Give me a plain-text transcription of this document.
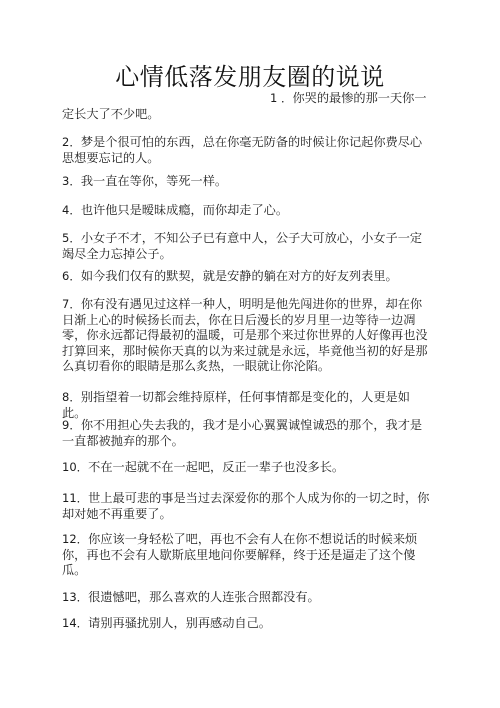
心情低落发朋友圈的说说

1 ．你哭的最惨的那一天你一定长大了不少吧。

2．梦是个很可怕的东西，总在你毫无防备的时候让你记起你费尽心思想要忘记的人。

3．我一直在等你，等死一样。

4．也许他只是暧昧成瘾，而你却走了心。

5．小女子不才，不知公子已有意中人，公子大可放心，小女子一定竭尽全力忘掉公子。

6．如今我们仅有的默契，就是安静的躺在对方的好友列表里。

7．你有没有遇见过这样一种人，明明是他先闯进你的世界，却在你日渐上心的时候扬长而去，你在日后漫长的岁月里一边等待一边凋零，你永远都记得最初的温暖，可是那个来过你世界的人好像再也没打算回来，那时候你天真的以为来过就是永远，毕竟他当初的好是那么真切看你的眼睛是那么炙热，一眼就让你沦陷。

8．别指望着一切都会维持原样，任何事情都是变化的，人更是如此。

9．你不用担心失去我的，我才是小心翼翼诚惶诚恐的那个，我才是一直都被抛弃的那个。

10．不在一起就不在一起吧，反正一辈子也没多长。

11．世上最可悲的事是当过去深爱你的那个人成为你的一切之时，你却对她不再重要了。

12．你应该一身轻松了吧，再也不会有人在你不想说话的时候来烦你，再也不会有人歇斯底里地问你要解释，终于还是逼走了这个傻瓜。

13．很遗憾吧，那么喜欢的人连张合照都没有。

14．请别再骚扰别人，别再感动自己。
